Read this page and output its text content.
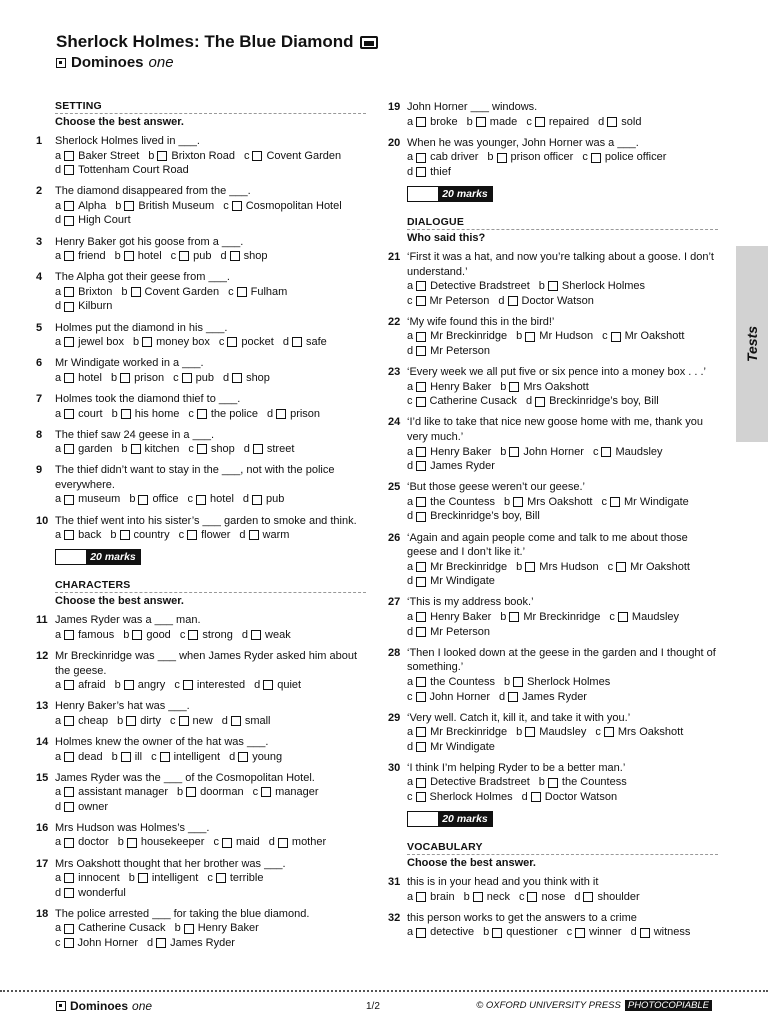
Sherlock Holmes: The Blue Diamond
Dominoes one
SETTING
Choose the best answer.
1 Sherlock Holmes lived in ___.
a Baker Street b Brixton Road c Covent Garden
d Tottenham Court Road
2 The diamond disappeared from the ___.
a Alpha b British Museum c Cosmopolitan Hotel
d High Court
3 Henry Baker got his goose from a ___.
a friend b hotel c pub d shop
4 The Alpha got their geese from ___.
a Brixton b Covent Garden c Fulham
d Kilburn
5 Holmes put the diamond in his ___.
a jewel box b money box c pocket d safe
6 Mr Windigate worked in a ___.
a hotel b prison c pub d shop
7 Holmes took the diamond thief to ___.
a court b his home c the police d prison
8 The thief saw 24 geese in a ___.
a garden b kitchen c shop d street
9 The thief didn’t want to stay in the ___, not with the police everywhere.
a museum b office c hotel d pub
10 The thief went into his sister’s ___ garden to smoke and think.
a back b country c flower d warm
20 marks
CHARACTERS
Choose the best answer.
11 James Ryder was a ___ man.
a famous b good c strong d weak
12 Mr Breckinridge was ___ when James Ryder asked him about the geese.
a afraid b angry c interested d quiet
13 Henry Baker’s hat was ___.
a cheap b dirty c new d small
14 Holmes knew the owner of the hat was ___.
a dead b ill c intelligent d young
15 James Ryder was the ___ of the Cosmopolitan Hotel.
a assistant manager b doorman c manager
d owner
16 Mrs Hudson was Holmes’s ___.
a doctor b housekeeper c maid d mother
17 Mrs Oakshott thought that her brother was ___.
a innocent b intelligent c terrible
d wonderful
18 The police arrested ___ for taking the blue diamond.
a Catherine Cusack b Henry Baker
c John Horner d James Ryder
19 John Horner ___ windows.
a broke b made c repaired d sold
20 When he was younger, John Horner was a ___.
a cab driver b prison officer c police officer
d thief
20 marks
DIALOGUE
Who said this?
21 ‘First it was a hat, and now you’re talking about a goose. I don’t understand.’
a Detective Bradstreet b Sherlock Holmes
c Mr Peterson d Doctor Watson
22 ‘My wife found this in the bird!’
a Mr Breckinridge b Mr Hudson c Mr Oakshott
d Mr Peterson
23 ‘Every week we all put five or six pence into a money box . . .’
a Henry Baker b Mrs Oakshott
c Catherine Cusack d Breckinridge’s boy, Bill
24 ‘I’d like to take that nice new goose home with me, thank you very much.’
a Henry Baker b John Horner c Maudsley
d James Ryder
25 ‘But those geese weren’t our geese.’
a the Countess b Mrs Oakshott c Mr Windigate
d Breckinridge’s boy, Bill
26 ‘Again and again people come and talk to me about those geese and I don’t like it.’
a Mr Breckinridge b Mrs Hudson c Mr Oakshott
d Mr Windigate
27 ‘This is my address book.’
a Henry Baker b Mr Breckinridge c Maudsley
d Mr Peterson
28 ‘Then I looked down at the geese in the garden and I thought of something.’
a the Countess b Sherlock Holmes
c John Horner d James Ryder
29 ‘Very well. Catch it, kill it, and take it with you.’
a Mr Breckinridge b Maudsley c Mrs Oakshott
d Mr Windigate
30 ‘I think I’m helping Ryder to be a better man.’
a Detective Bradstreet b the Countess
c Sherlock Holmes d Doctor Watson
20 marks
VOCABULARY
Choose the best answer.
31 this is in your head and you think with it
a brain b neck c nose d shoulder
32 this person works to get the answers to a crime
a detective b questioner c winner d witness
Tests
Dominoes one	1/2	© OXFORD UNIVERSITY PRESS PHOTOCOPIABLE
